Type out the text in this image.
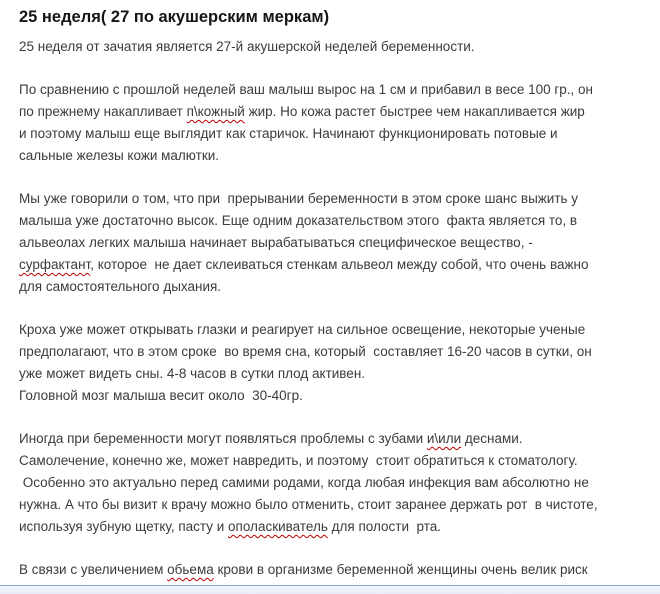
25 неделя( 27 по акушерским меркам)
25 неделя от зачатия является 27-й акушерской неделей беременности.
По сравнению с прошлой неделей ваш малыш вырос на 1 см и прибавил в весе 100 гр., он
по прежнему накапливает п\кожный жир. Но кожа растет быстрее чем накапливается жир
и поэтому малыш еще выглядит как старичок. Начинают функционировать потовые и
сальные железы кожи малютки.
Мы уже говорили о том, что при  прерывании беременности в этом сроке шанс выжить у
малыша уже достаточно высок. Еще одним доказательством этого  факта является то, в
альвеолах легких малыша начинает вырабатываться специфическое вещество, -
сурфактант, которое  не дает склеиваться стенкам альвеол между собой, что очень важно
для самостоятельного дыхания.
Кроха уже может открывать глазки и реагирует на сильное освещение, некоторые ученые
предполагают, что в этом сроке  во время сна, который  составляет 16-20 часов в сутки, он
уже может видеть сны. 4-8 часов в сутки плод активен.
Головной мозг малыша весит около  30-40гр.
Иногда при беременности могут появляться проблемы с зубами и\или деснами.
Самолечение, конечно же, может навредить, и поэтому  стоит обратиться к стоматологу.
Особенно это актуально перед самими родами, когда любая инфекция вам абсолютно не
нужна. А что бы визит к врачу можно было отменить, стоит заранее держать рот  в чистоте,
используя зубную щетку, пасту и ополаскиватель для полости  рта.
В связи с увеличением обьема крови в организме беременной женщины очень велик риск
